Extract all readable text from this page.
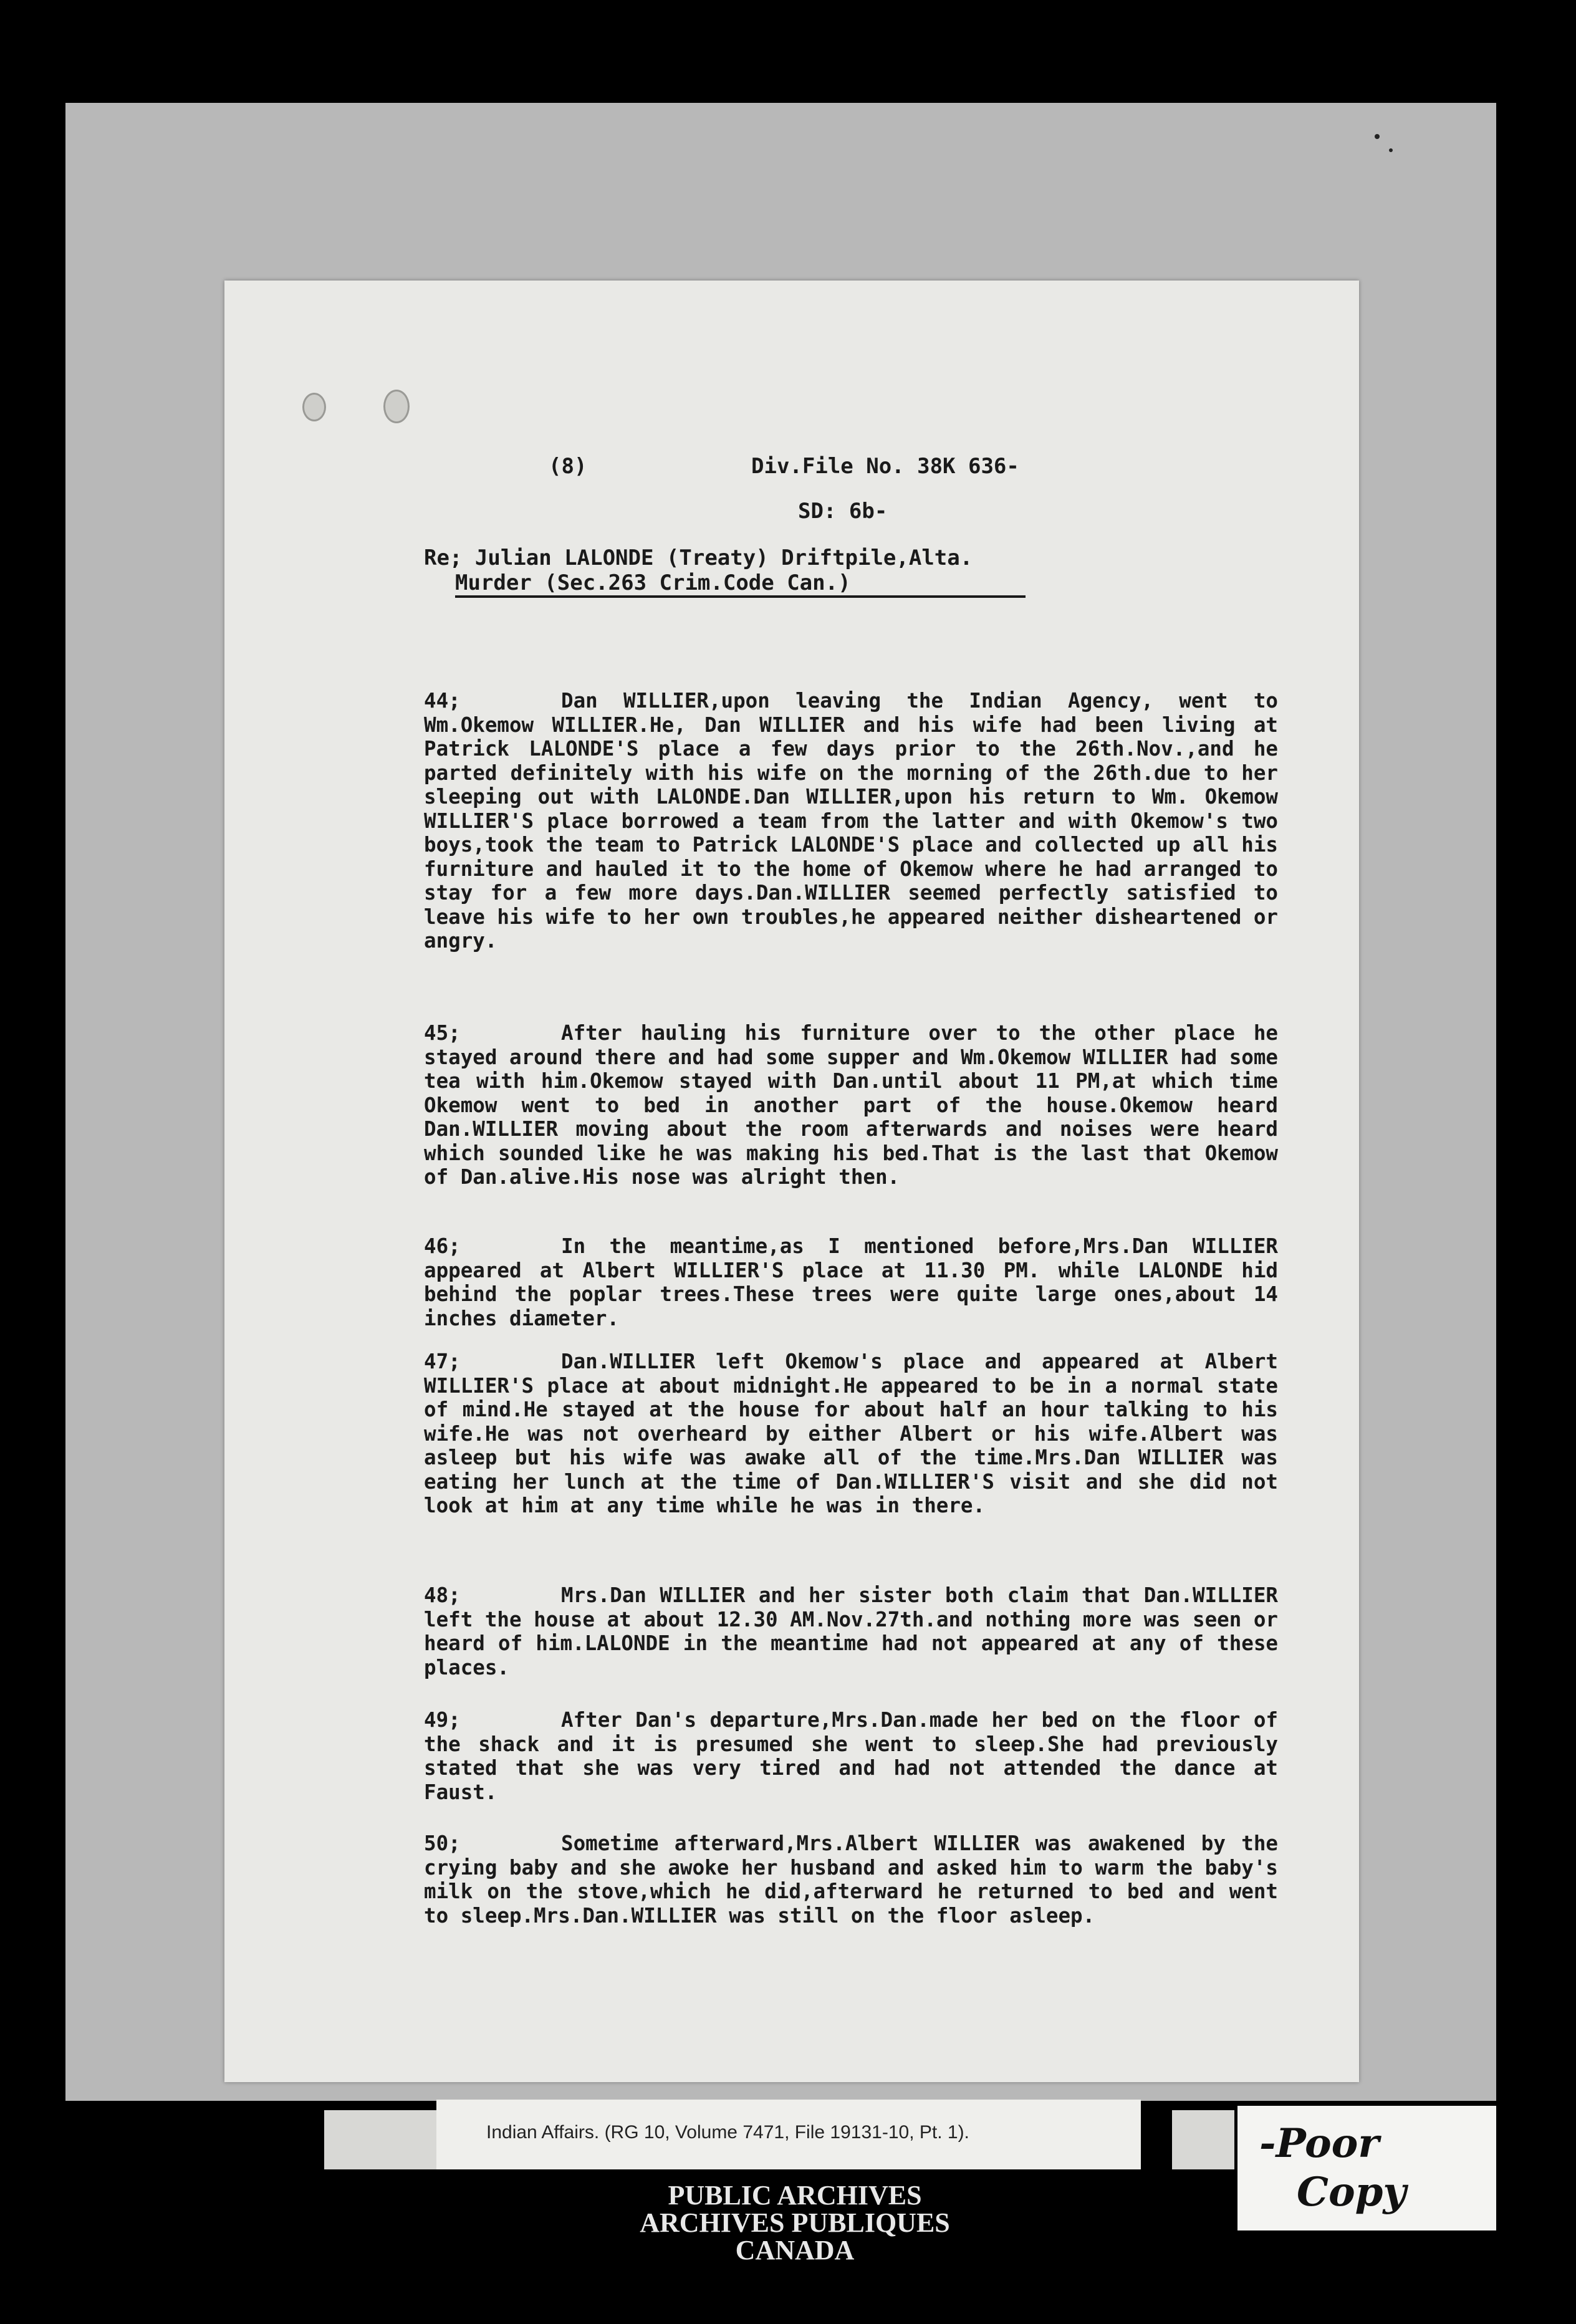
(8)	Div.File No. 38K 636-
SD: 6b-
Re; Julian LALONDE (Treaty) Driftpile,Alta.
Murder (Sec.263 Crim.Code Can.)
44;	Dan WILLIER,upon leaving the Indian Agency, went to Wm.Okemow WILLIER.He, Dan WILLIER and his wife had been living at Patrick LALONDE'S place a few days prior to the 26th.Nov.,and he parted definitely with his wife on the morning of the 26th.due to her sleeping out with LALONDE.Dan WILLIER,upon his return to Wm. Okemow WILLIER'S place borrowed a team from the latter and with Okemow's two boys,took the team to Patrick LALONDE'S place and collected up all his furniture and hauled it to the home of Okemow where he had arranged to stay for a few more days.Dan.WILLIER seemed perfectly satisfied to leave his wife to her own troubles,he appeared neither disheartened or angry.
45;	After hauling his furniture over to the other place he stayed around there and had some supper and Wm.Okemow WILLIER had some tea with him.Okemow stayed with Dan.until about 11 PM,at which time Okemow went to bed in another part of the house.Okemow heard Dan.WILLIER moving about the room afterwards and noises were heard which sounded like he was making his bed.That is the last that Okemow of Dan.alive.His nose was alright then.
46;	In the meantime,as I mentioned before,Mrs.Dan WILLIER appeared at Albert WILLIER'S place at 11.30 PM. while LALONDE hid behind the poplar trees.These trees were quite large ones,about 14 inches diameter.
47;	Dan.WILLIER left Okemow's place and appeared at Albert WILLIER'S place at about midnight.He appeared to be in a normal state of mind.He stayed at the house for about half an hour talking to his wife.He was not overheard by either Albert or his wife.Albert was asleep but his wife was awake all of the time.Mrs.Dan WILLIER was eating her lunch at the time of Dan.WILLIER'S visit and she did not look at him at any time while he was in there.
48;	Mrs.Dan WILLIER and her sister both claim that Dan.WILLIER left the house at about 12.30 AM.Nov.27th.and nothing more was seen or heard of him.LALONDE in the meantime had not appeared at any of these places.
49;	After Dan's departure,Mrs.Dan.made her bed on the floor of the shack and it is presumed she went to sleep.She had previously stated that she was very tired and had not attended the dance at Faust.
50;	Sometime afterward,Mrs.Albert WILLIER was awakened by the crying baby and she awoke her husband and asked him to warm the baby's milk on the stove,which he did,afterward he returned to bed and went to sleep.Mrs.Dan.WILLIER was still on the floor asleep.
Indian Affairs. (RG 10, Volume 7471, File 19131-10, Pt. 1).
PUBLIC ARCHIVES
ARCHIVES PUBLIQUES
CANADA
-Poor
Copy
